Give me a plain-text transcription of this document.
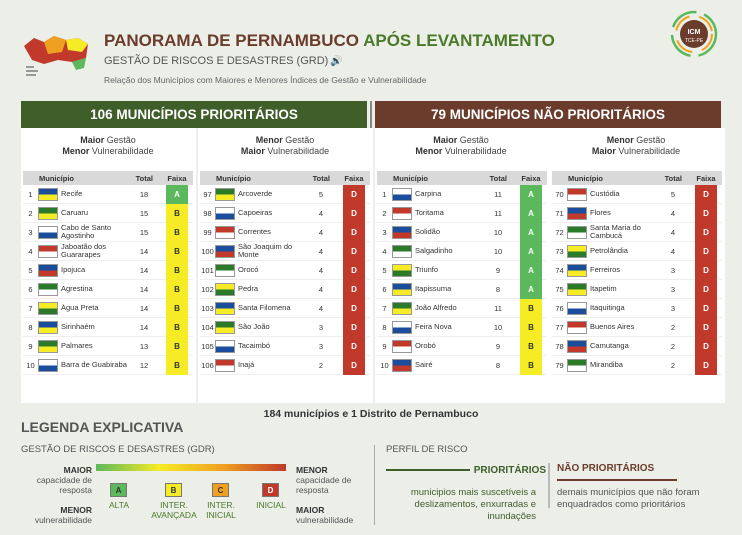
PANORAMA DE PERNAMBUCO APÓS LEVANTAMENTO
GESTÃO DE RISCOS E DESASTRES (GRD) 🔊
Relação dos Municípios com Maiores e Menores Índices de Gestão e Vulnerabilidade
ICM
TCE-PE
106 MUNICÍPIOS PRIORITÁRIOS	79 MUNICÍPIOS NÃO PRIORITÁRIOS
Maior Gestão
Menor Vulnerabilidade
Menor Gestão
Maior Vulnerabilidade
Maior Gestão
Menor Vulnerabilidade
Menor Gestão
Maior Vulnerabilidade
Município	Total	Faixa
1	Recife	18	A
2	Caruaru	15	B
3	Cabo de Santo Agostinho	15	B
4	Jaboatão dos Guararapes	14	B
5	Ipojuca	14	B
6	Agrestina	14	B
7	Água Preta	14	B
8	Sirinhaém	14	B
9	Palmares	13	B
10	Barra de Guabiraba	12	B
Município	Total	Faixa
97	Arcoverde	5	D
98	Capoeiras	4	D
99	Correntes	4	D
100	São Joaquim do Monte	4	D
101	Orocó	4	D
102	Pedra	4	D
103	Santa Filomena	4	D
104	São João	3	D
105	Tacaimbó	3	D
106	Inajá	2	D
Município	Total	Faixa
1	Carpina	11	A
2	Toritama	11	A
3	Solidão	10	A
4	Salgadinho	10	A
5	Triunfo	9	A
6	Itapissuma	8	A
7	João Alfredo	11	B
8	Feira Nova	10	B
9	Orobó	9	B
10	Sairé	8	B
Município	Total	Faixa
70	Custódia	5	D
71	Flores	4	D
72	Santa Maria do Cambucá	4	D
73	Petrolândia	4	D
74	Ferreiros	3	D
75	Itapetim	3	D
76	Itaquitinga	3	D
77	Buenos Aires	2	D
78	Camutanga	2	D
79	Mirandiba	2	D
184 municípios e 1 Distrito de Pernambuco
LEGENDA EXPLICATIVA
GESTÃO DE RISCOS E DESASTRES (GDR)
MAIOR
capacidade de resposta
MENOR
vulnerabilidade
MENOR
capacidade de resposta
MAIOR
vulnerabilidade
A
ALTA
B
INTER. AVANÇADA
C
INTER. INICIAL
D
INICIAL
PERFIL DE RISCO
PRIORITÁRIOS
municipios mais suscetíveis a deslizamentos, enxurradas e inundações
NÃO PRIORITÁRIOS
demais municípios que não foram enquadrados como prioritários
